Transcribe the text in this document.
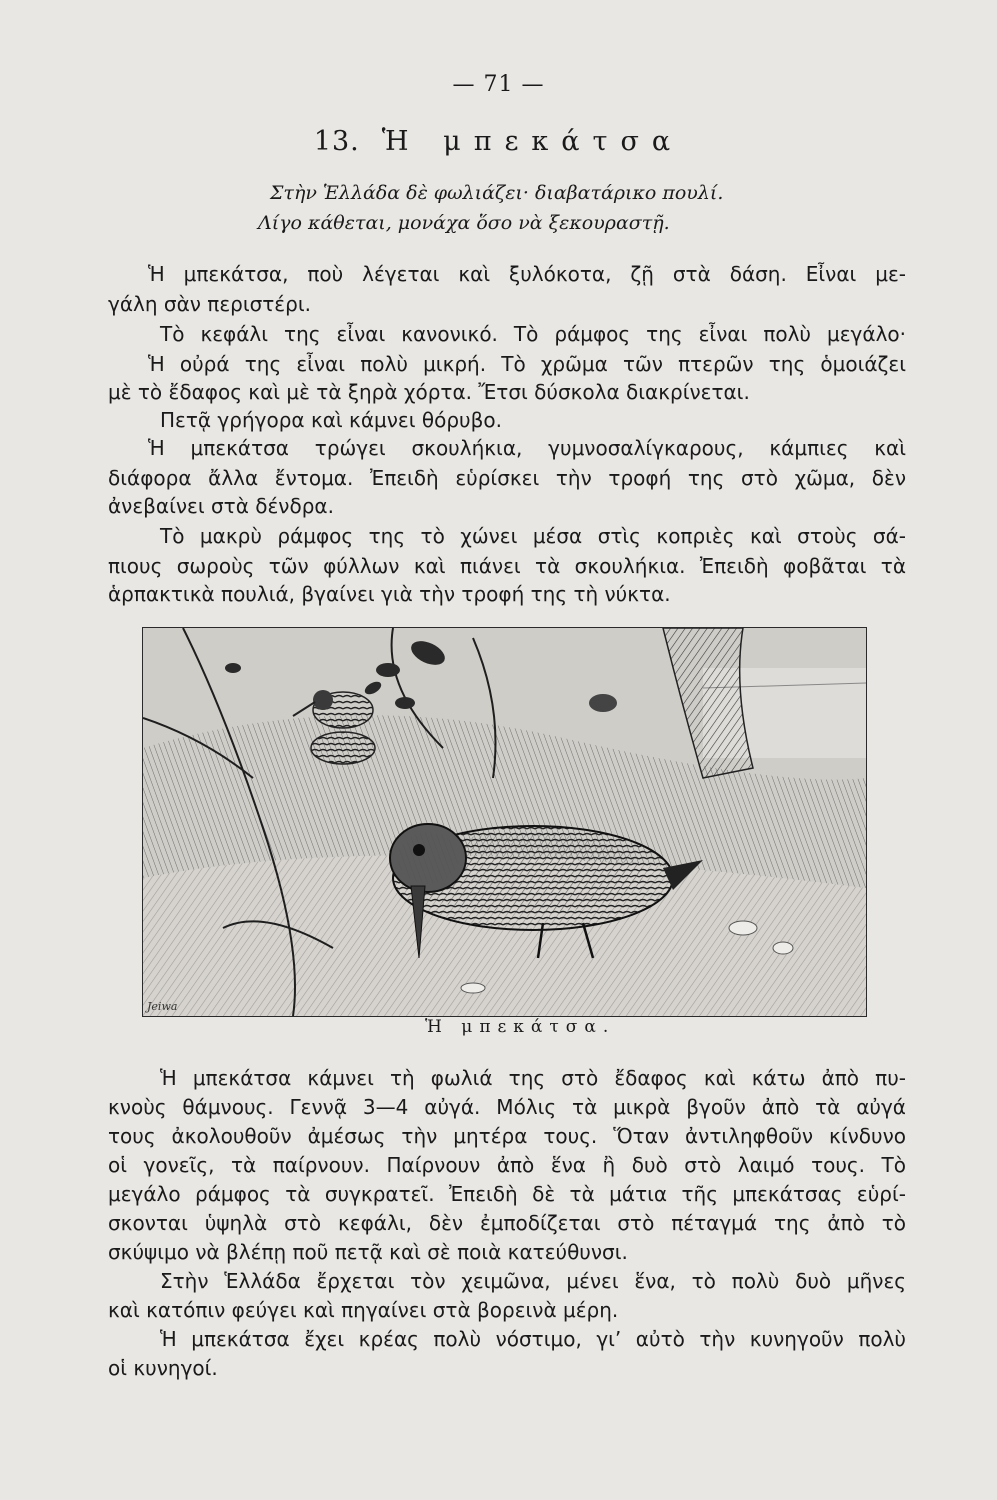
— 71 —
13. Ἡ μπεκάτσα
Στὴν Ἑλλάδα δὲ φωλιάζει· διαβατάρικο πουλί.
Λίγο κάθεται, μονάχα ὅσο νὰ ξεκουραστῇ.
Ἡ μπεκάτσα, ποὺ λέγεται καὶ ξυλόκοτα, ζῇ στὰ δάση. Εἶναι με-
γάλη σὰν περιστέρι.
Τὸ κεφάλι της εἶναι κανονικό. Τὸ ράμφος της εἶναι πολὺ μεγάλο·
Ἡ οὐρά της εἶναι πολὺ μικρή. Τὸ χρῶμα τῶν πτερῶν της ὁμοιάζει
μὲ τὸ ἔδαφος καὶ μὲ τὰ ξηρὰ χόρτα. Ἔτσι δύσκολα διακρίνεται.
Πετᾷ γρήγορα καὶ κάμνει θόρυβο.
Ἡ μπεκάτσα τρώγει σκουλήκια, γυμνοσαλίγκαρους, κάμπιες καὶ
διάφορα ἄλλα ἔντομα. Ἐπειδὴ εὑρίσκει τὴν τροφή της στὸ χῶμα, δὲν
ἀνεβαίνει στὰ δένδρα.
Τὸ μακρὺ ράμφος της τὸ χώνει μέσα στὶς κοπριὲς καὶ στοὺς σά-
πιους σωροὺς τῶν φύλλων καὶ πιάνει τὰ σκουλήκια. Ἐπειδὴ φοβᾶται τὰ
ἁρπακτικὰ πουλιά, βγαίνει γιὰ τὴν τροφή της τὴ νύκτα.
Jeiwa
Ἡ μπεκάτσα.
Ἡ μπεκάτσα κάμνει τὴ φωλιά της στὸ ἔδαφος καὶ κάτω ἀπὸ πυ-
κνοὺς θάμνους. Γεννᾷ 3—4 αὐγά. Μόλις τὰ μικρὰ βγοῦν ἀπὸ τὰ αὐγά
τους ἀκολουθοῦν ἀμέσως τὴν μητέρα τους. Ὅταν ἀντιληφθοῦν κίνδυνο
οἱ γονεῖς, τὰ παίρνουν. Παίρνουν ἀπὸ ἕνα ἢ δυὸ στὸ λαιμό τους. Τὸ
μεγάλο ράμφος τὰ συγκρατεῖ. Ἐπειδὴ δὲ τὰ μάτια τῆς μπεκάτσας εὑρί-
σκονται ὑψηλὰ στὸ κεφάλι, δὲν ἐμποδίζεται στὸ πέταγμά της ἀπὸ τὸ
σκύψιμο νὰ βλέπῃ ποῦ πετᾷ καὶ σὲ ποιὰ κατεύθυνσι.
Στὴν Ἑλλάδα ἔρχεται τὸν χειμῶνα, μένει ἕνα, τὸ πολὺ δυὸ μῆνες
καὶ κατόπιν φεύγει καὶ πηγαίνει στὰ βορεινὰ μέρη.
Ἡ μπεκάτσα ἔχει κρέας πολὺ νόστιμο, γι’ αὐτὸ τὴν κυνηγοῦν πολὺ
οἱ κυνηγοί.
